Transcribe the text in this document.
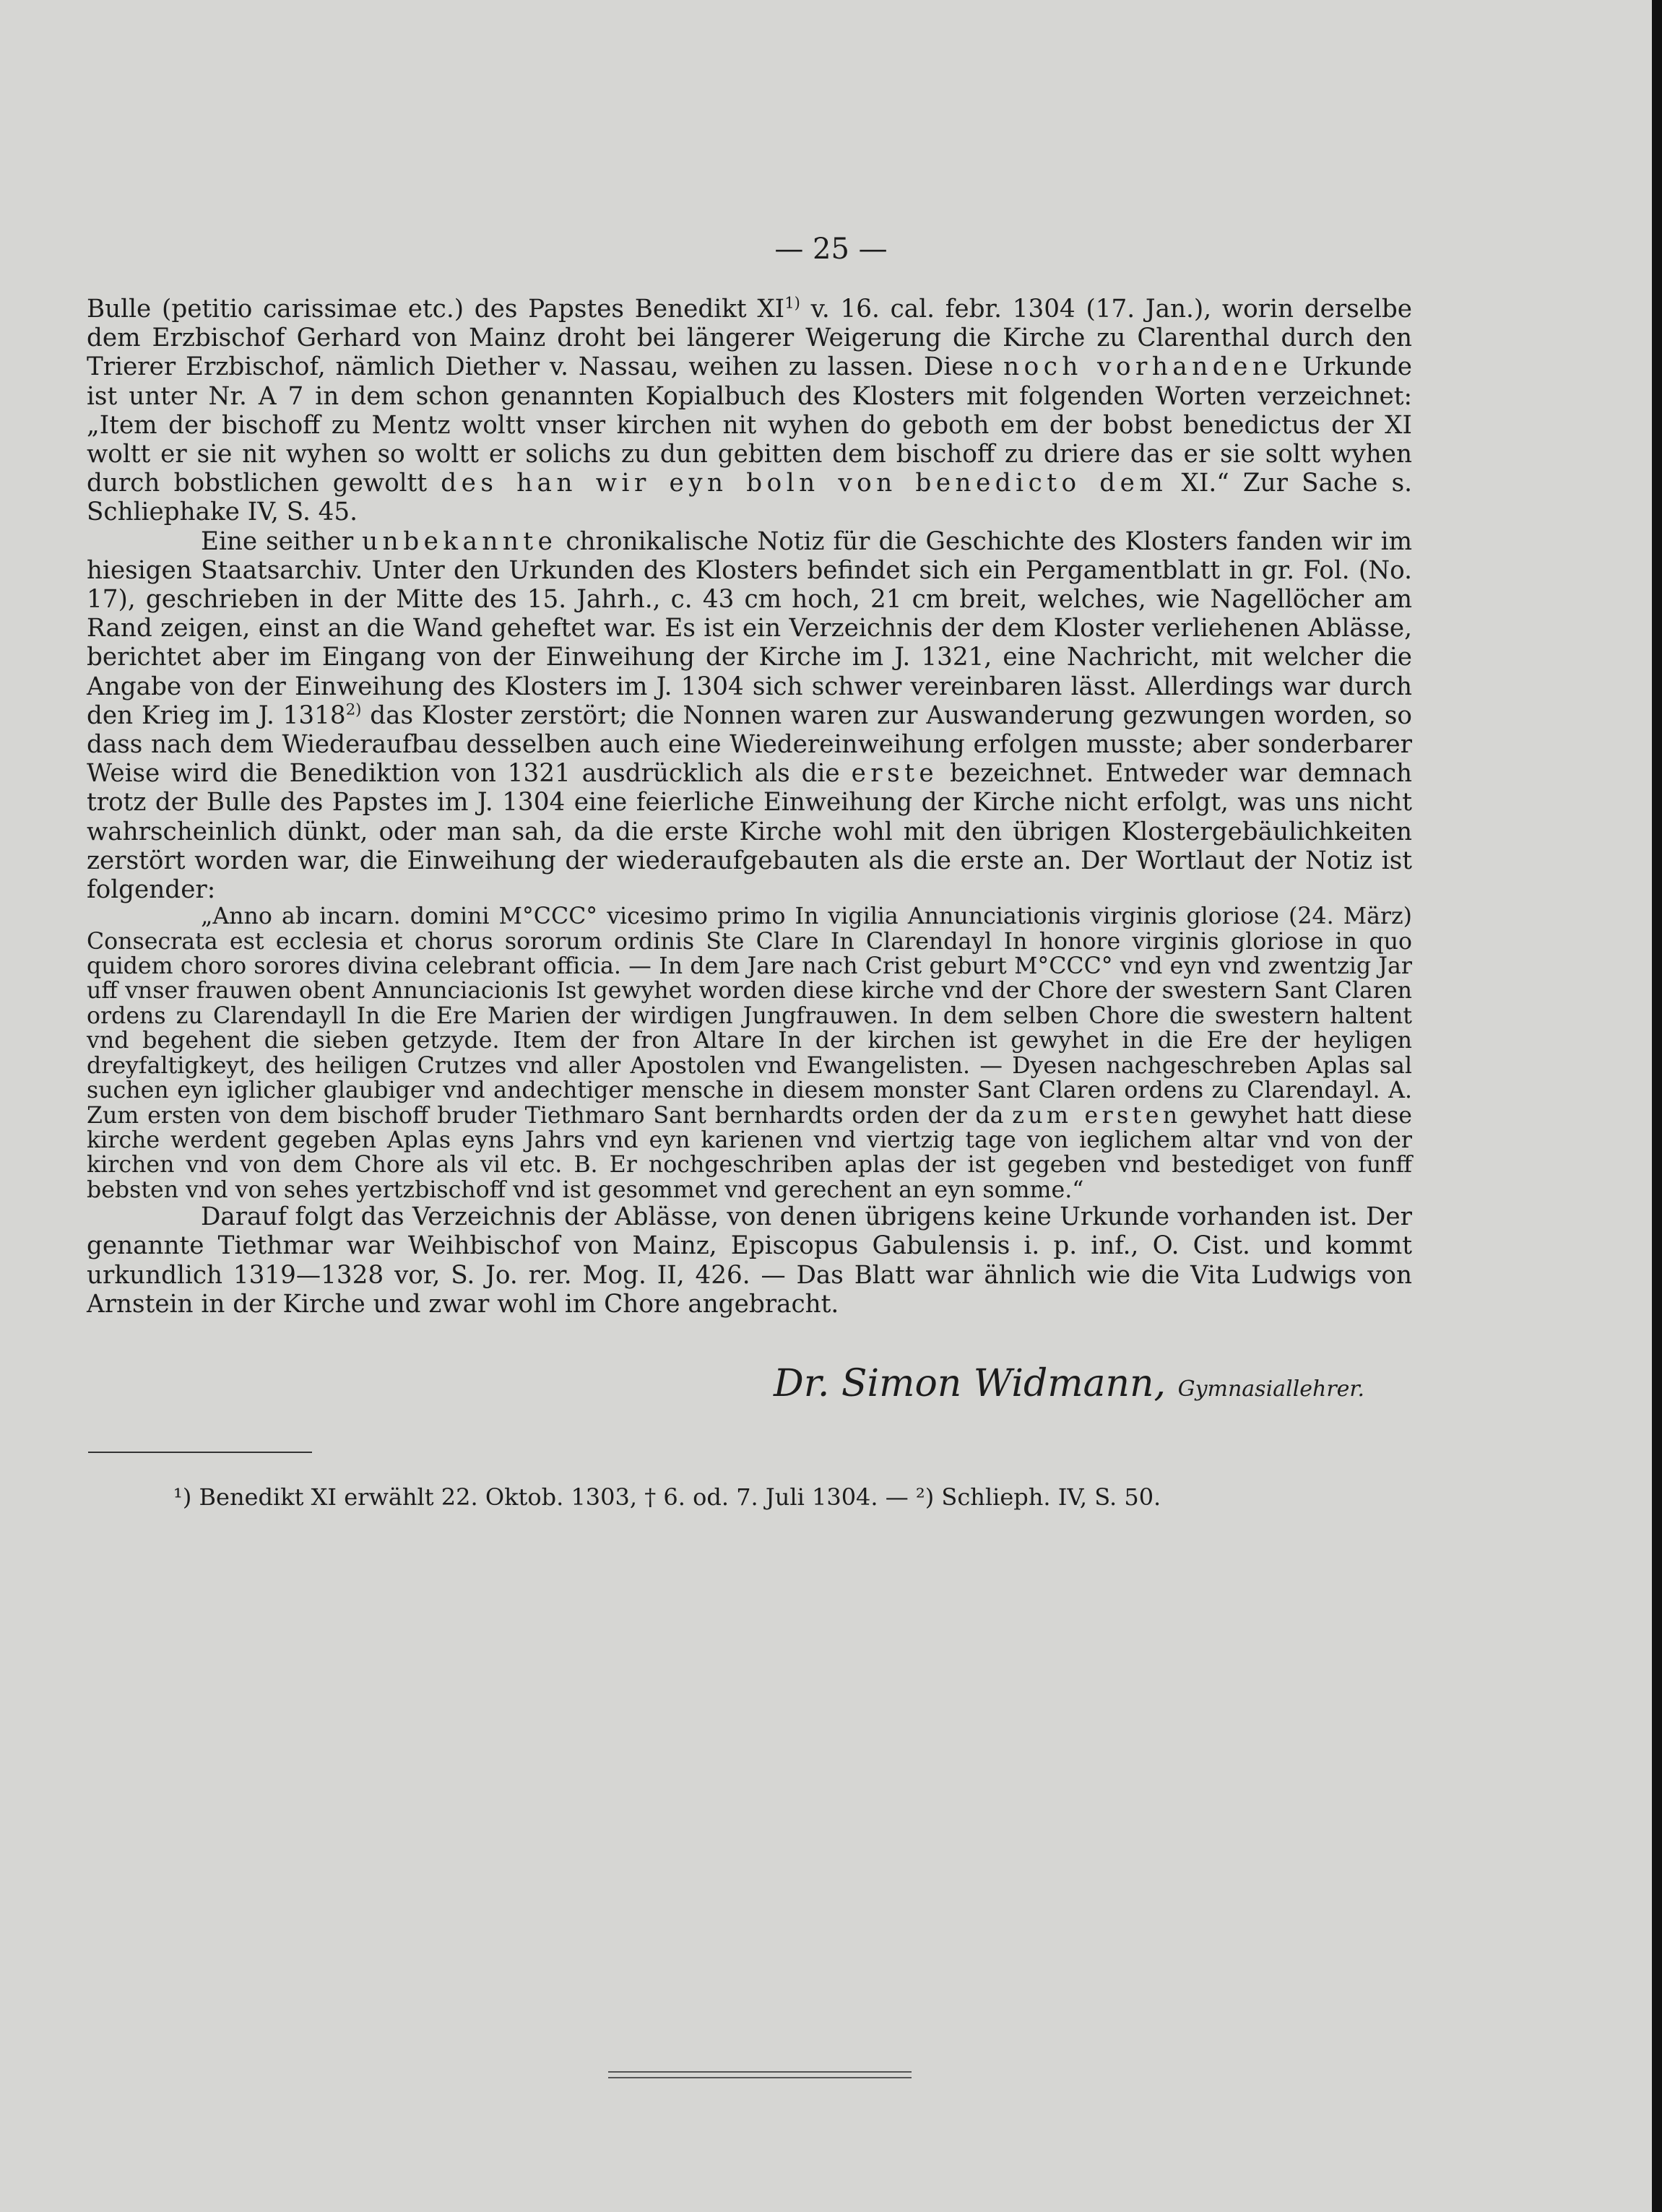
— 25 —

Bulle (petitio carissimae etc.) des Papstes Benedikt XI$^{1)}$ v. 16. cal. febr. 1304 (17. Jan.), worin derselbe dem Erzbischof Gerhard von Mainz droht bei längerer Weigerung die Kirche zu Clarenthal durch den Trierer Erzbischof, nämlich Diether v. Nassau, weihen zu lassen. Diese noch vorhandene Urkunde ist unter Nr. A 7 in dem schon genannten Kopialbuch des Klosters mit folgenden Worten verzeichnet: „Item der bischoff zu Mentz woltt vnser kirchen nit wyhen do geboth em der bobst benedictus der XI woltt er sie nit wyhen so woltt er solichs zu dun gebitten dem bischoff zu driere das er sie soltt wyhen durch bobstlichen gewoltt des han wir eyn boln von benedicto dem XI.“ Zur Sache s. Schliephake IV, S. 45.

Eine seither unbekannte chronikalische Notiz für die Geschichte des Klosters fanden wir im hiesigen Staatsarchiv. Unter den Urkunden des Klosters befindet sich ein Pergamentblatt in gr. Fol. (No. 17), geschrieben in der Mitte des 15. Jahrh., c. 43 cm hoch, 21 cm breit, welches, wie Nagellöcher am Rand zeigen, einst an die Wand geheftet war. Es ist ein Verzeichnis der dem Kloster verliehenen Ablässe, berichtet aber im Eingang von der Einweihung der Kirche im J. 1321, eine Nachricht, mit welcher die Angabe von der Einweihung des Klosters im J. 1304 sich schwer vereinbaren lässt. Allerdings war durch den Krieg im J. 1318$^{2)}$ das Kloster zerstört; die Nonnen waren zur Auswanderung gezwungen worden, so dass nach dem Wiederaufbau desselben auch eine Wiedereinweihung erfolgen musste; aber sonderbarer Weise wird die Benediktion von 1321 ausdrücklich als die erste bezeichnet. Entweder war demnach trotz der Bulle des Papstes im J. 1304 eine feierliche Einweihung der Kirche nicht erfolgt, was uns nicht wahrscheinlich dünkt, oder man sah, da die erste Kirche wohl mit den übrigen Klostergebäulichkeiten zerstört worden war, die Einweihung der wiederaufgebauten als die erste an. Der Wortlaut der Notiz ist folgender:

„Anno ab incarn. domini M°CCC° vicesimo primo In vigilia Annunciationis virginis gloriose (24. März) Consecrata est ecclesia et chorus sororum ordinis Ste Clare In Clarendayl In honore virginis gloriose in quo quidem choro sorores divina celebrant officia. — In dem Jare nach Crist geburt M°CCC° vnd eyn vnd zwentzig Jar uff vnser frauwen obent Annunciacionis Ist gewyhet worden diese kirche vnd der Chore der swestern Sant Claren ordens zu Clarendayll In die Ere Marien der wirdigen Jungfrauwen. In dem selben Chore die swestern haltent vnd begehent die sieben getzyde. Item der fron Altare In der kirchen ist gewyhet in die Ere der heyligen dreyfaltigkeyt, des heiligen Crutzes vnd aller Apostolen vnd Ewangelisten. — Dyesen nachgeschreben Aplas sal suchen eyn iglicher glaubiger vnd andechtiger mensche in diesem monster Sant Claren ordens zu Clarendayl. A. Zum ersten von dem bischoff bruder Tiethmaro Sant bernhardts orden der da zum ersten gewyhet hatt diese kirche werdent gegeben Aplas eyns Jahrs vnd eyn karienen vnd viertzig tage von ieglichem altar vnd von der kirchen vnd von dem Chore als vil etc. B. Er nochgeschriben aplas der ist gegeben vnd bestediget von funff bebsten vnd von sehes yertzbischoff vnd ist gesommet vnd gerechent an eyn somme.“

Darauf folgt das Verzeichnis der Ablässe, von denen übrigens keine Urkunde vorhanden ist. Der genannte Tiethmar war Weihbischof von Mainz, Episcopus Gabulensis i. p. inf., O. Cist. und kommt urkundlich 1319—1328 vor, S. Jo. rer. Mog. II, 426. — Das Blatt war ähnlich wie die Vita Ludwigs von Arnstein in der Kirche und zwar wohl im Chore angebracht.

Dr. Simon Widmann, Gymnasiallehrer.
¹) Benedikt XI erwählt 22. Oktob. 1303, † 6. od. 7. Juli 1304. — ²) Schlieph. IV, S. 50.
